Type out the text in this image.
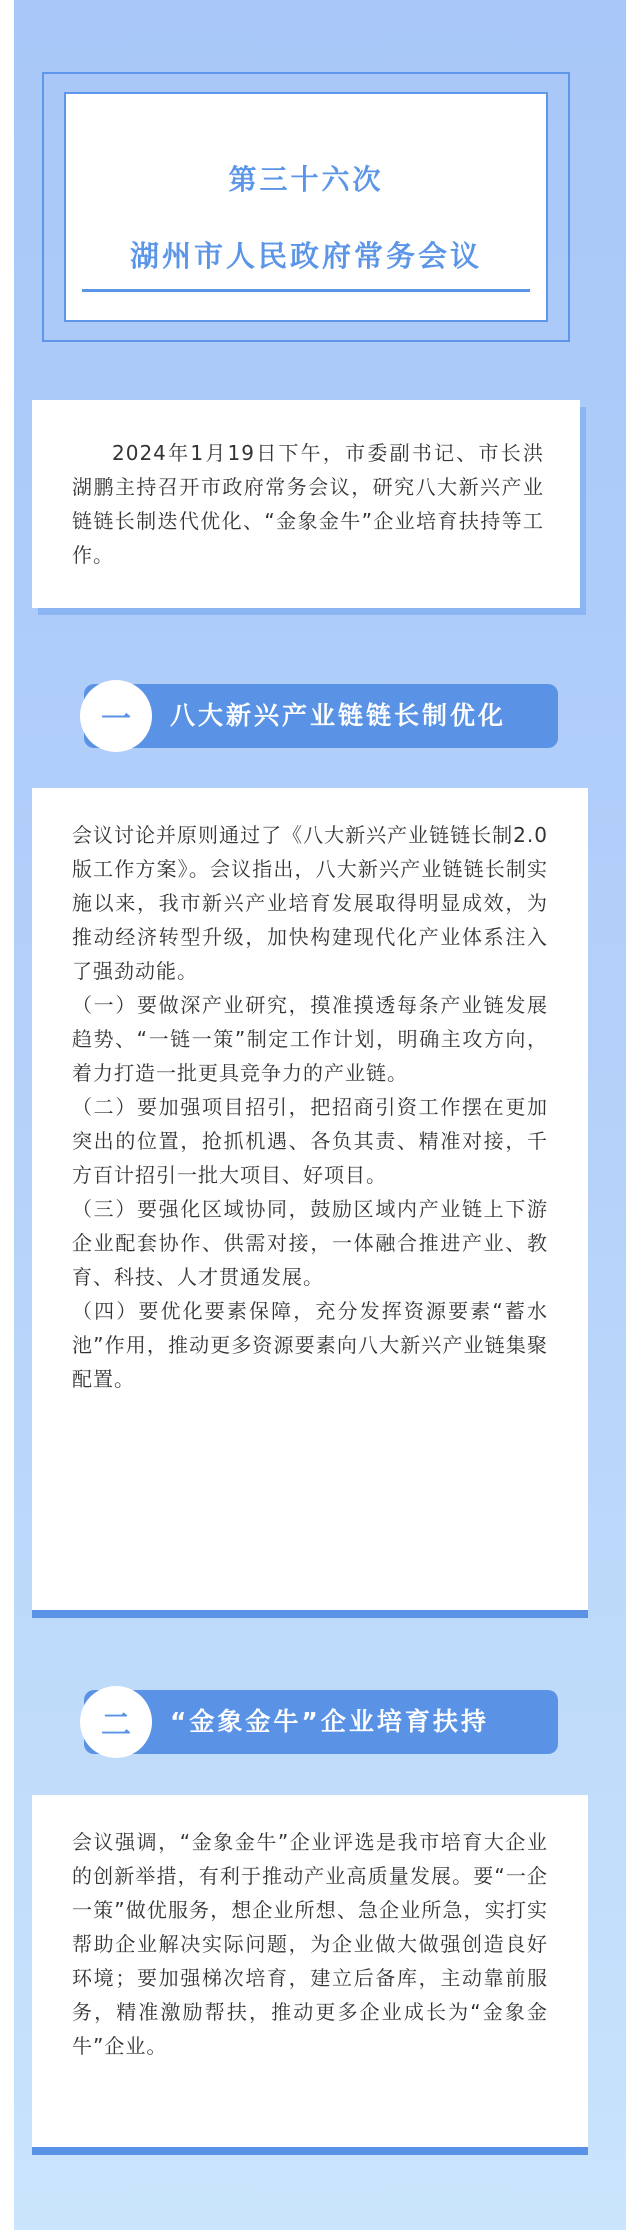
第三十六次
湖州市人民政府常务会议
2024年1月19日下午，市委副书记、市长洪湖鹏主持召开市政府常务会议，研究八大新兴产业链链长制迭代优化、“金象金牛”企业培育扶持等工作。
一	八大新兴产业链链长制优化

会议讨论并原则通过了《八大新兴产业链链长制2.0版工作方案》。会议指出，八大新兴产业链链长制实施以来，我市新兴产业培育发展取得明显成效，为推动经济转型升级，加快构建现代化产业体系注入了强劲动能。

（一）要做深产业研究，摸准摸透每条产业链发展趋势、“一链一策”制定工作计划，明确主攻方向，着力打造一批更具竞争力的产业链。

（二）要加强项目招引，把招商引资工作摆在更加突出的位置，抢抓机遇、各负其责、精准对接，千方百计招引一批大项目、好项目。

（三）要强化区域协同，鼓励区域内产业链上下游企业配套协作、供需对接，一体融合推进产业、教育、科技、人才贯通发展。

（四）要优化要素保障，充分发挥资源要素“蓄水池”作用，推动更多资源要素向八大新兴产业链集聚配置。

二	“金象金牛”企业培育扶持

会议强调，“金象金牛”企业评选是我市培育大企业的创新举措，有利于推动产业高质量发展。要“一企一策”做优服务，想企业所想、急企业所急，实打实帮助企业解决实际问题，为企业做大做强创造良好环境；要加强梯次培育，建立后备库，主动靠前服务，精准激励帮扶，推动更多企业成长为“金象金牛”企业。
